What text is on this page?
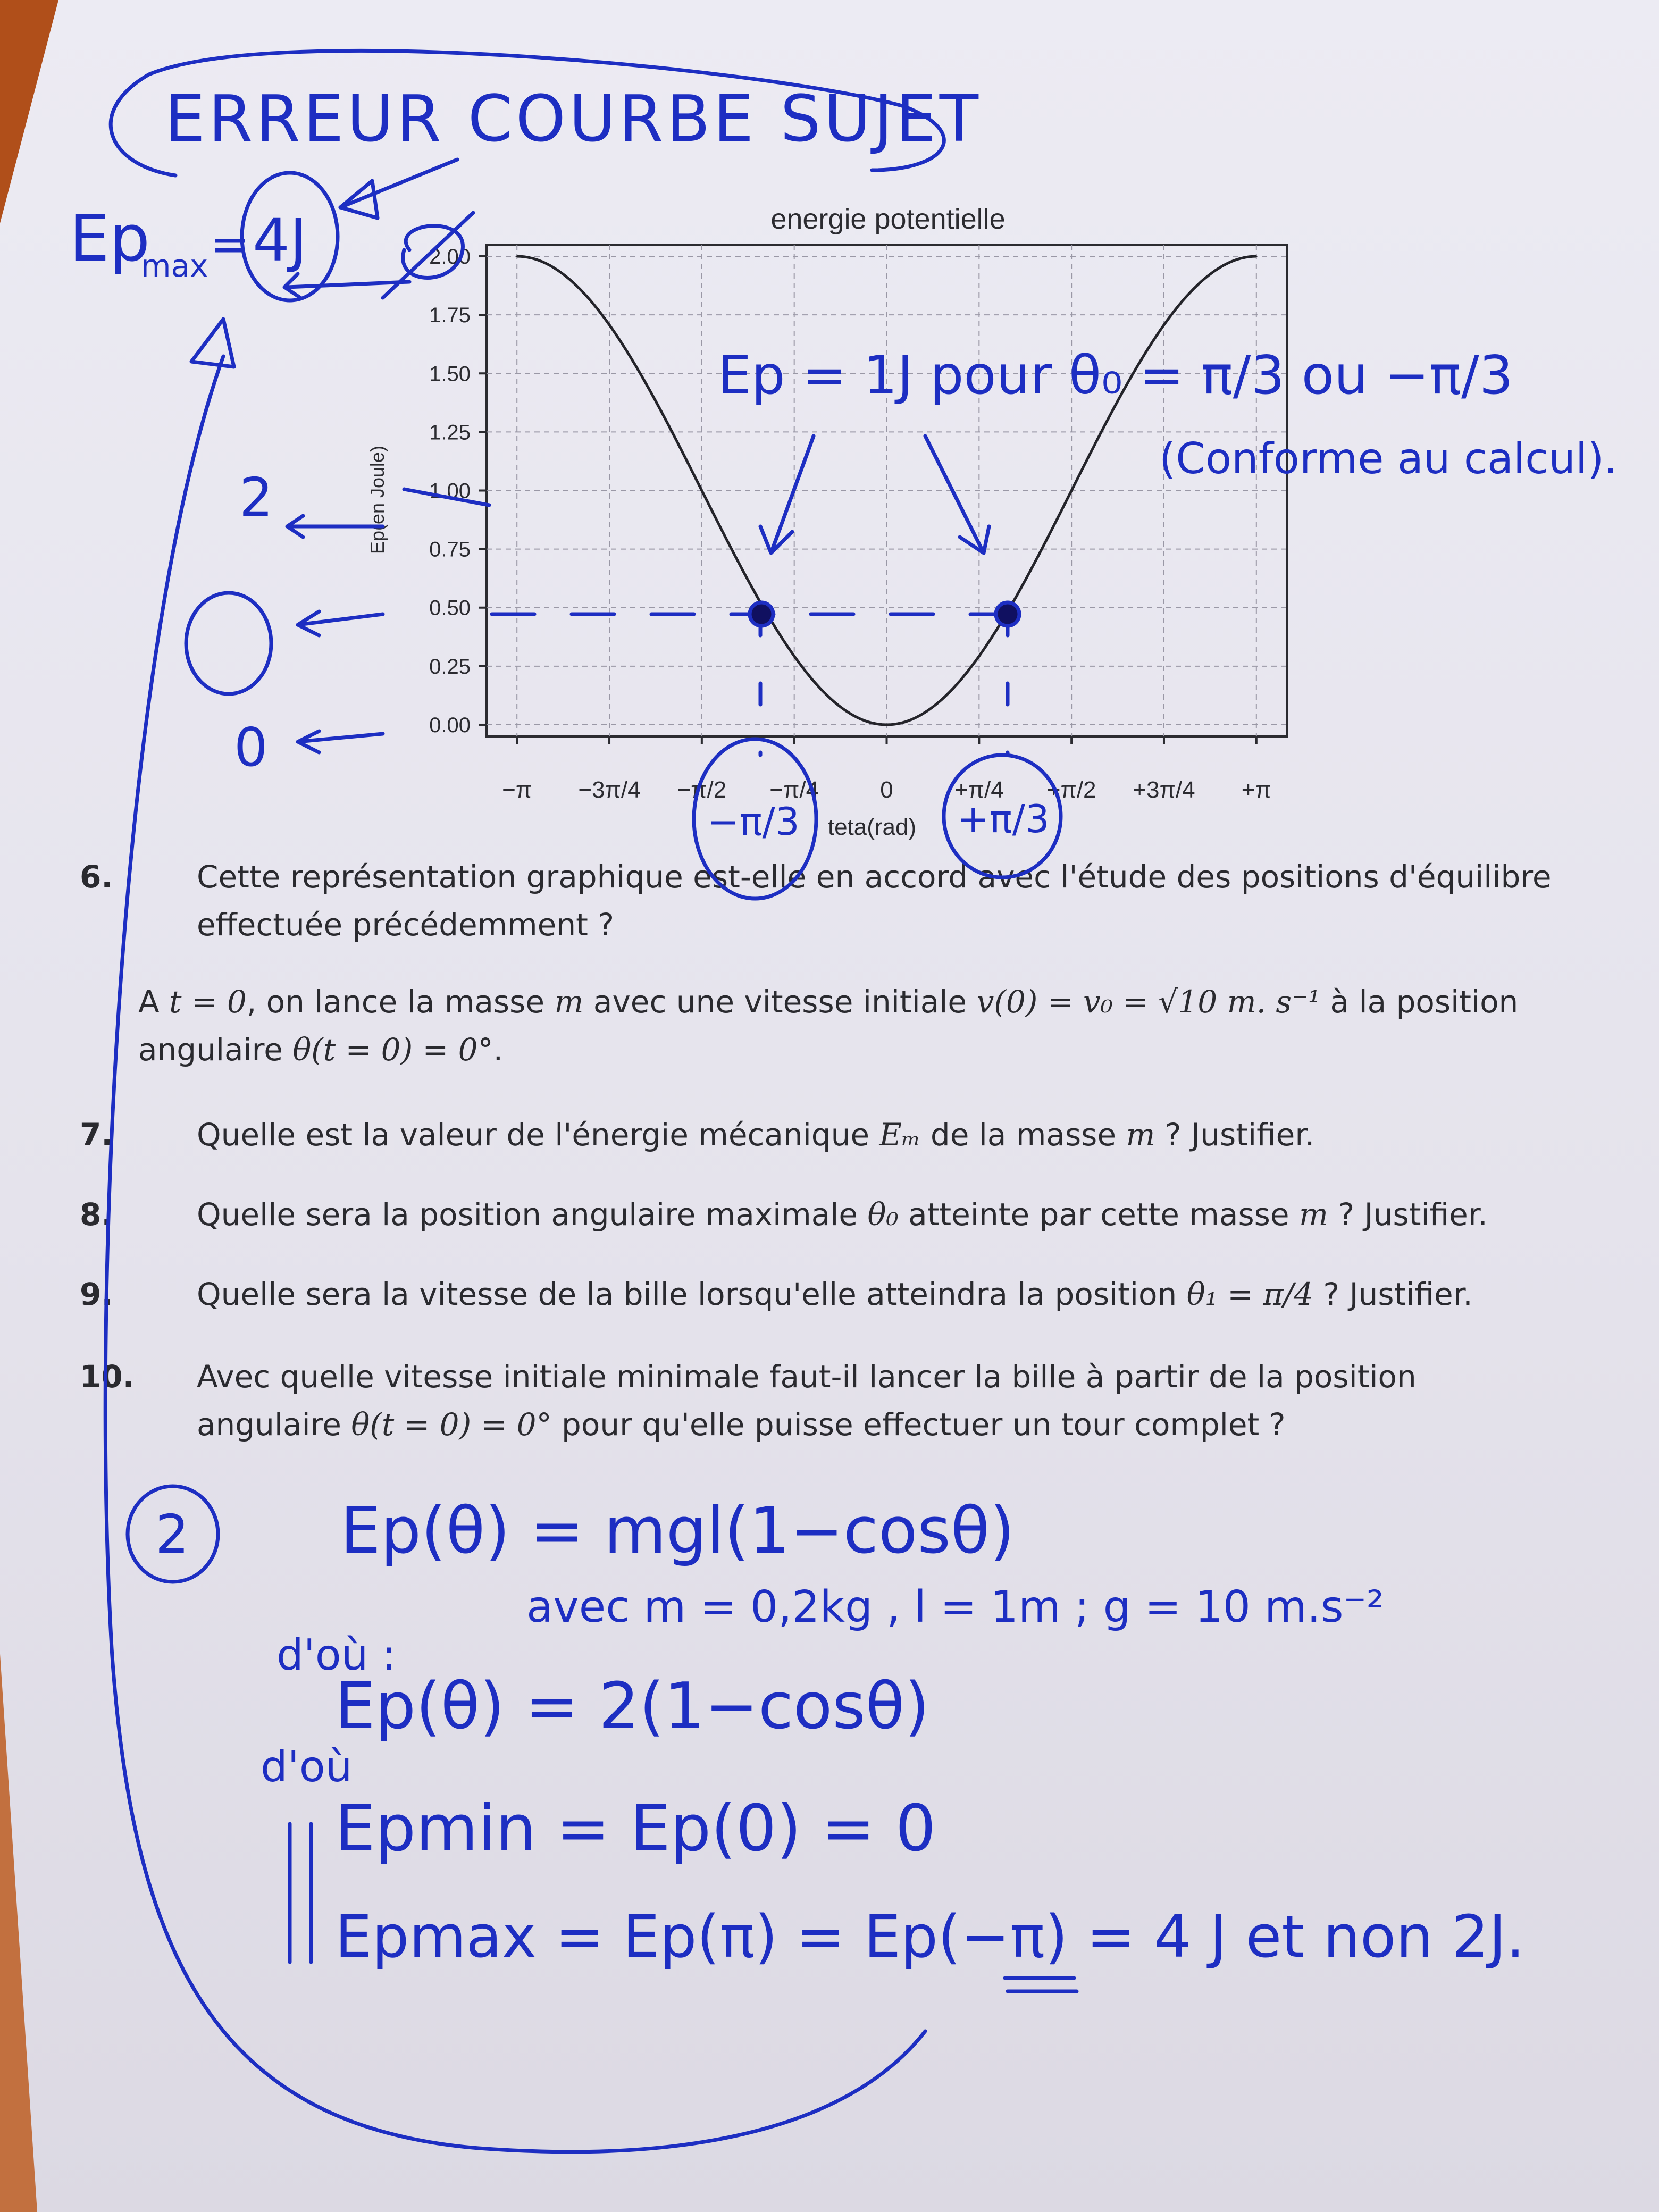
−π −3π/4 −π/2 −π/4	0	+π/4 +π/2 +3π/4 +π
0.00
0.25
0.50
0.75
1.00
1.25
1.50
1.75
2.00
energie potentielle
teta(rad)
Ep(en Joule)
6.	Cette représentation graphique est-elle en accord avec l'étude des positions d'équilibre effectuée précédemment ?
A t = 0, on lance la masse m avec une vitesse initiale v(0) = v₀ = √10 m. s⁻¹ à la position angulaire θ(t = 0) = 0°.
7.	Quelle est la valeur de l'énergie mécanique Eₘ de la masse m ? Justifier.
8.	Quelle sera la position angulaire maximale θ₀ atteinte par cette masse m ? Justifier.
9.	Quelle sera la vitesse de la bille lorsqu'elle atteindra la position θ₁ = π/4 ? Justifier.
10. Avec quelle vitesse initiale minimale faut-il lancer la bille à partir de la position angulaire θ(t = 0) = 0° pour qu'elle puisse effectuer un tour complet ?
ERREUR COURBE SUJET
Ep
max = 4J
2
0
Ep = 1J pour θ₀ = π/3 ou −π/3
(Conforme au calcul).
−π/3	+π/3
2 Ep(θ) = mgl(1−cosθ)
avec m = 0,2kg , l = 1m ; g = 10 m.s⁻²
d'où :
Ep(θ) = 2(1−cosθ)
d'où
Epmin = Ep(0) = 0
Epmax = Ep(π) = Ep(−π) = 4 J et non 2J.
